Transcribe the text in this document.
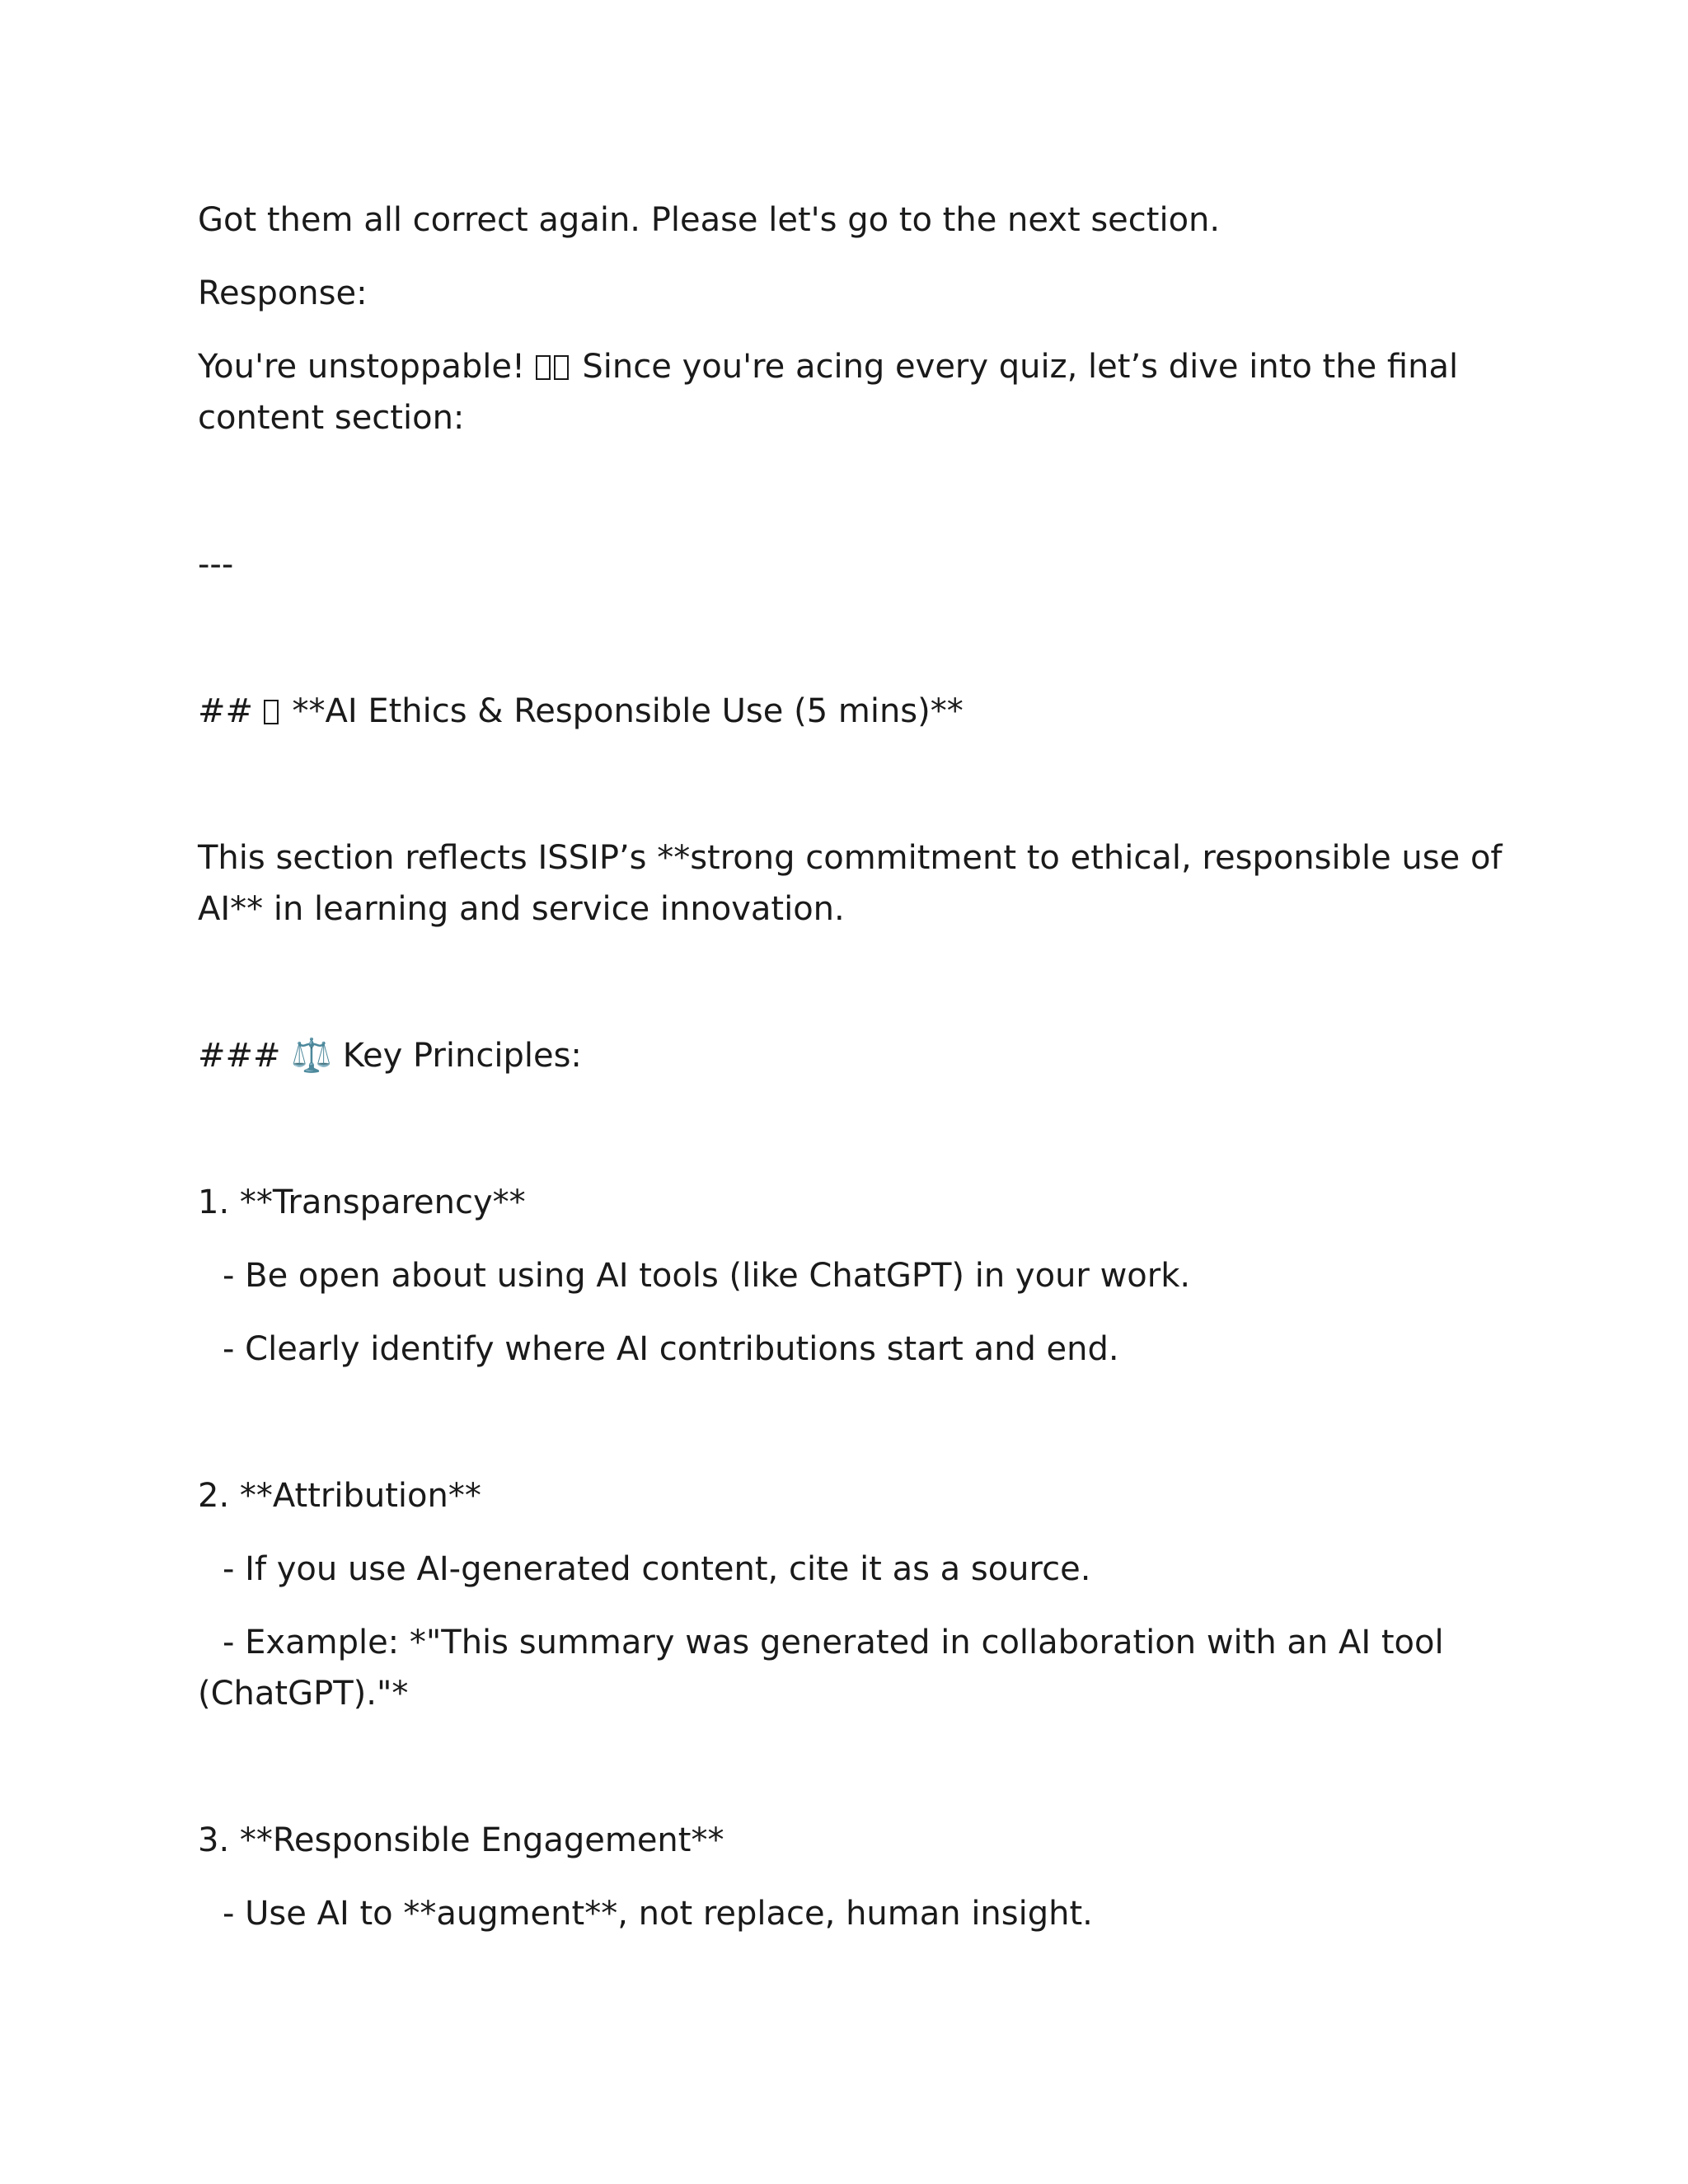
Got them all correct again. Please let's go to the next section.

Response:

You're unstoppable!  Since you're acing every quiz, let’s dive into the final

content section:

---

##  **AI Ethics & Responsible Use (5 mins)**

This section reflects ISSIP’s **strong commitment to ethical, responsible use of

AI** in learning and service innovation.

### ⚖️ Key Principles:

1. **Transparency**

- Be open about using AI tools (like ChatGPT) in your work.

- Clearly identify where AI contributions start and end.

2. **Attribution**

- If you use AI-generated content, cite it as a source.

- Example: *"This summary was generated in collaboration with an AI tool

(ChatGPT)."*

3. **Responsible Engagement**

- Use AI to **augment**, not replace, human insight.
